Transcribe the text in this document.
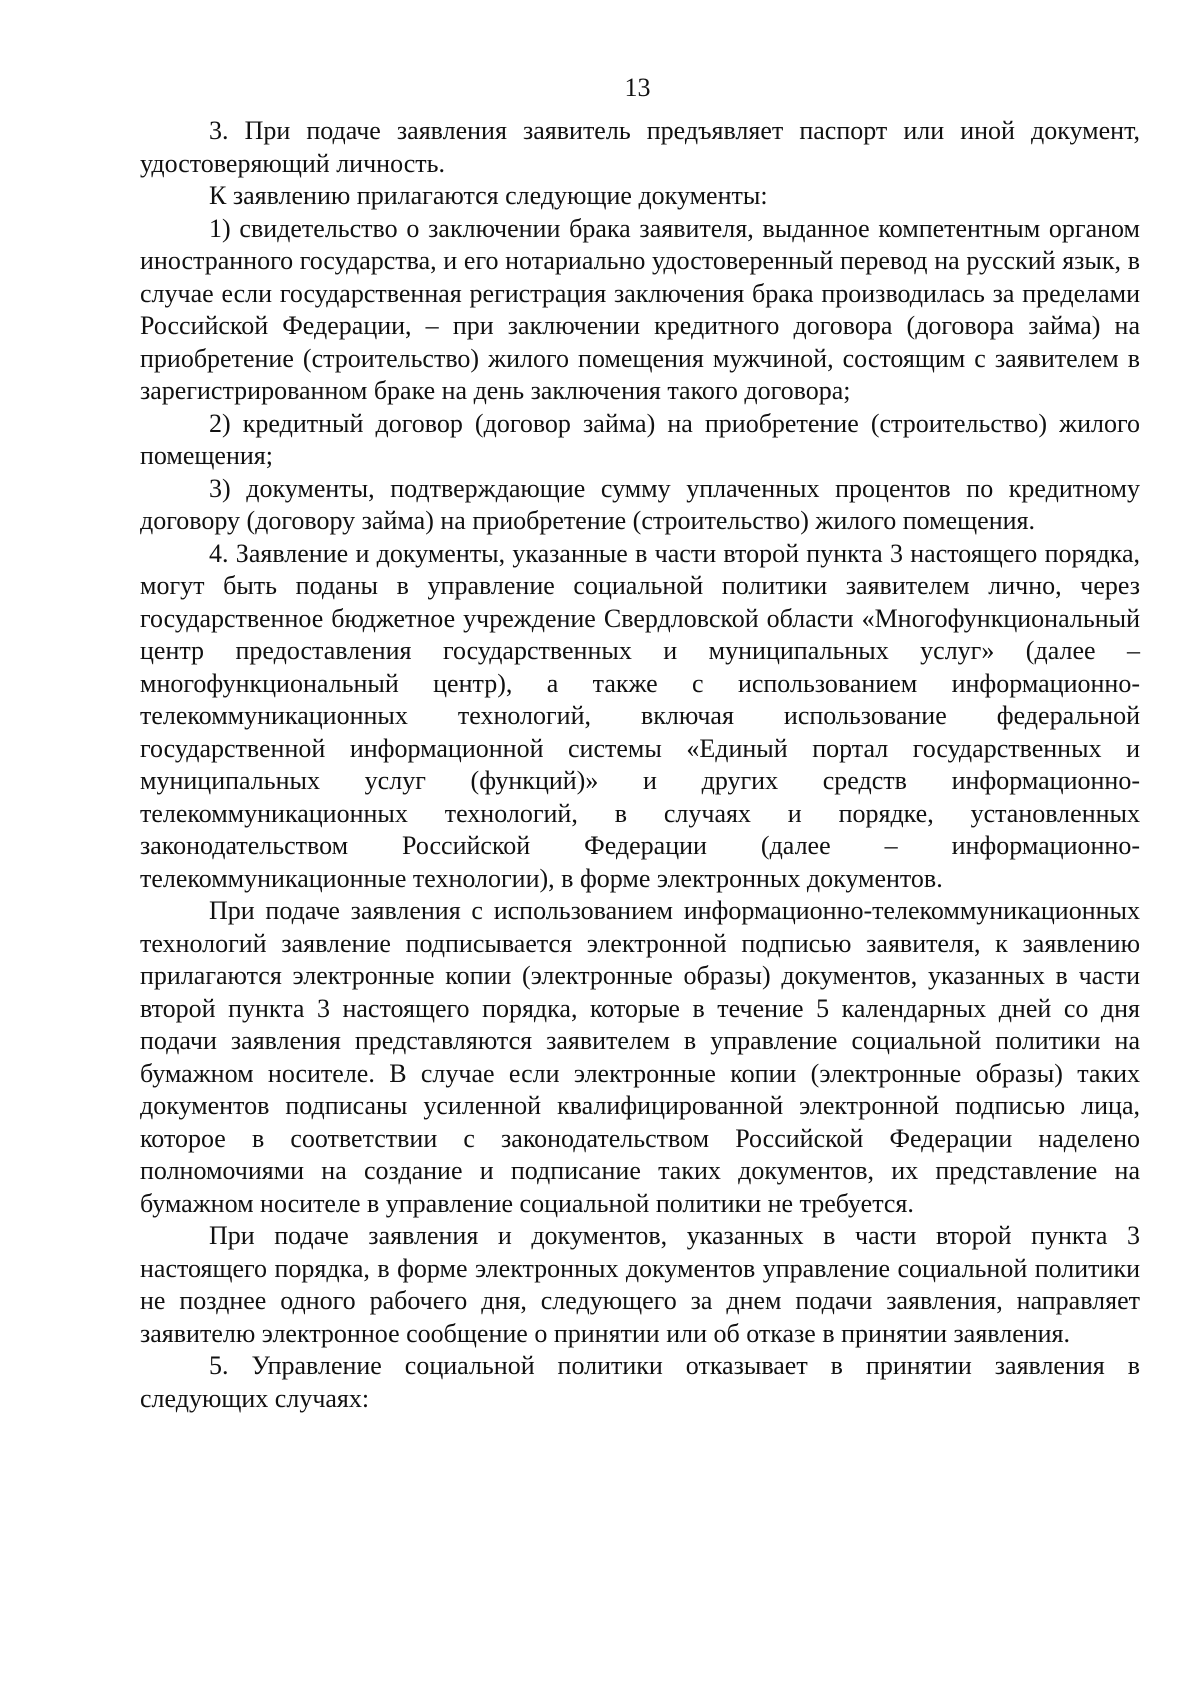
13

3. При подаче заявления заявитель предъявляет паспорт или иной документ, удостоверяющий личность.

К заявлению прилагаются следующие документы:

1) свидетельство о заключении брака заявителя, выданное компетентным органом иностранного государства, и его нотариально удостоверенный перевод на русский язык, в случае если государственная регистрация заключения брака производилась за пределами Российской Федерации, – при заключении кредитного договора (договора займа) на приобретение (строительство) жилого помещения мужчиной, состоящим с заявителем в зарегистрированном браке на день заключения такого договора;

2) кредитный договор (договор займа) на приобретение (строительство) жилого помещения;

3) документы, подтверждающие сумму уплаченных процентов по кредитному договору (договору займа) на приобретение (строительство) жилого помещения.

4. Заявление и документы, указанные в части второй пункта 3 настоящего порядка, могут быть поданы в управление социальной политики заявителем лично, через государственное бюджетное учреждение Свердловской области «Многофункциональный центр предоставления государственных и муниципальных услуг» (далее – многофункциональный центр), а также с использованием информационно-телекоммуникационных технологий, включая использование федеральной государственной информационной системы «Единый портал государственных и муниципальных услуг (функций)» и других средств информационно-телекоммуникационных технологий, в случаях и порядке, установленных законодательством Российской Федерации (далее – информационно-телекоммуникационные технологии), в форме электронных документов.

При подаче заявления с использованием информационно-телекоммуникационных технологий заявление подписывается электронной подписью заявителя, к заявлению прилагаются электронные копии (электронные образы) документов, указанных в части второй пункта 3 настоящего порядка, которые в течение 5 календарных дней со дня подачи заявления представляются заявителем в управление социальной политики на бумажном носителе. В случае если электронные копии (электронные образы) таких документов подписаны усиленной квалифицированной электронной подписью лица, которое в соответствии с законодательством Российской Федерации наделено полномочиями на создание и подписание таких документов, их представление на бумажном носителе в управление социальной политики не требуется.

При подаче заявления и документов, указанных в части второй пункта 3 настоящего порядка, в форме электронных документов управление социальной политики не позднее одного рабочего дня, следующего за днем подачи заявления, направляет заявителю электронное сообщение о принятии или об отказе в принятии заявления.

5. Управление социальной политики отказывает в принятии заявления в следующих случаях:
